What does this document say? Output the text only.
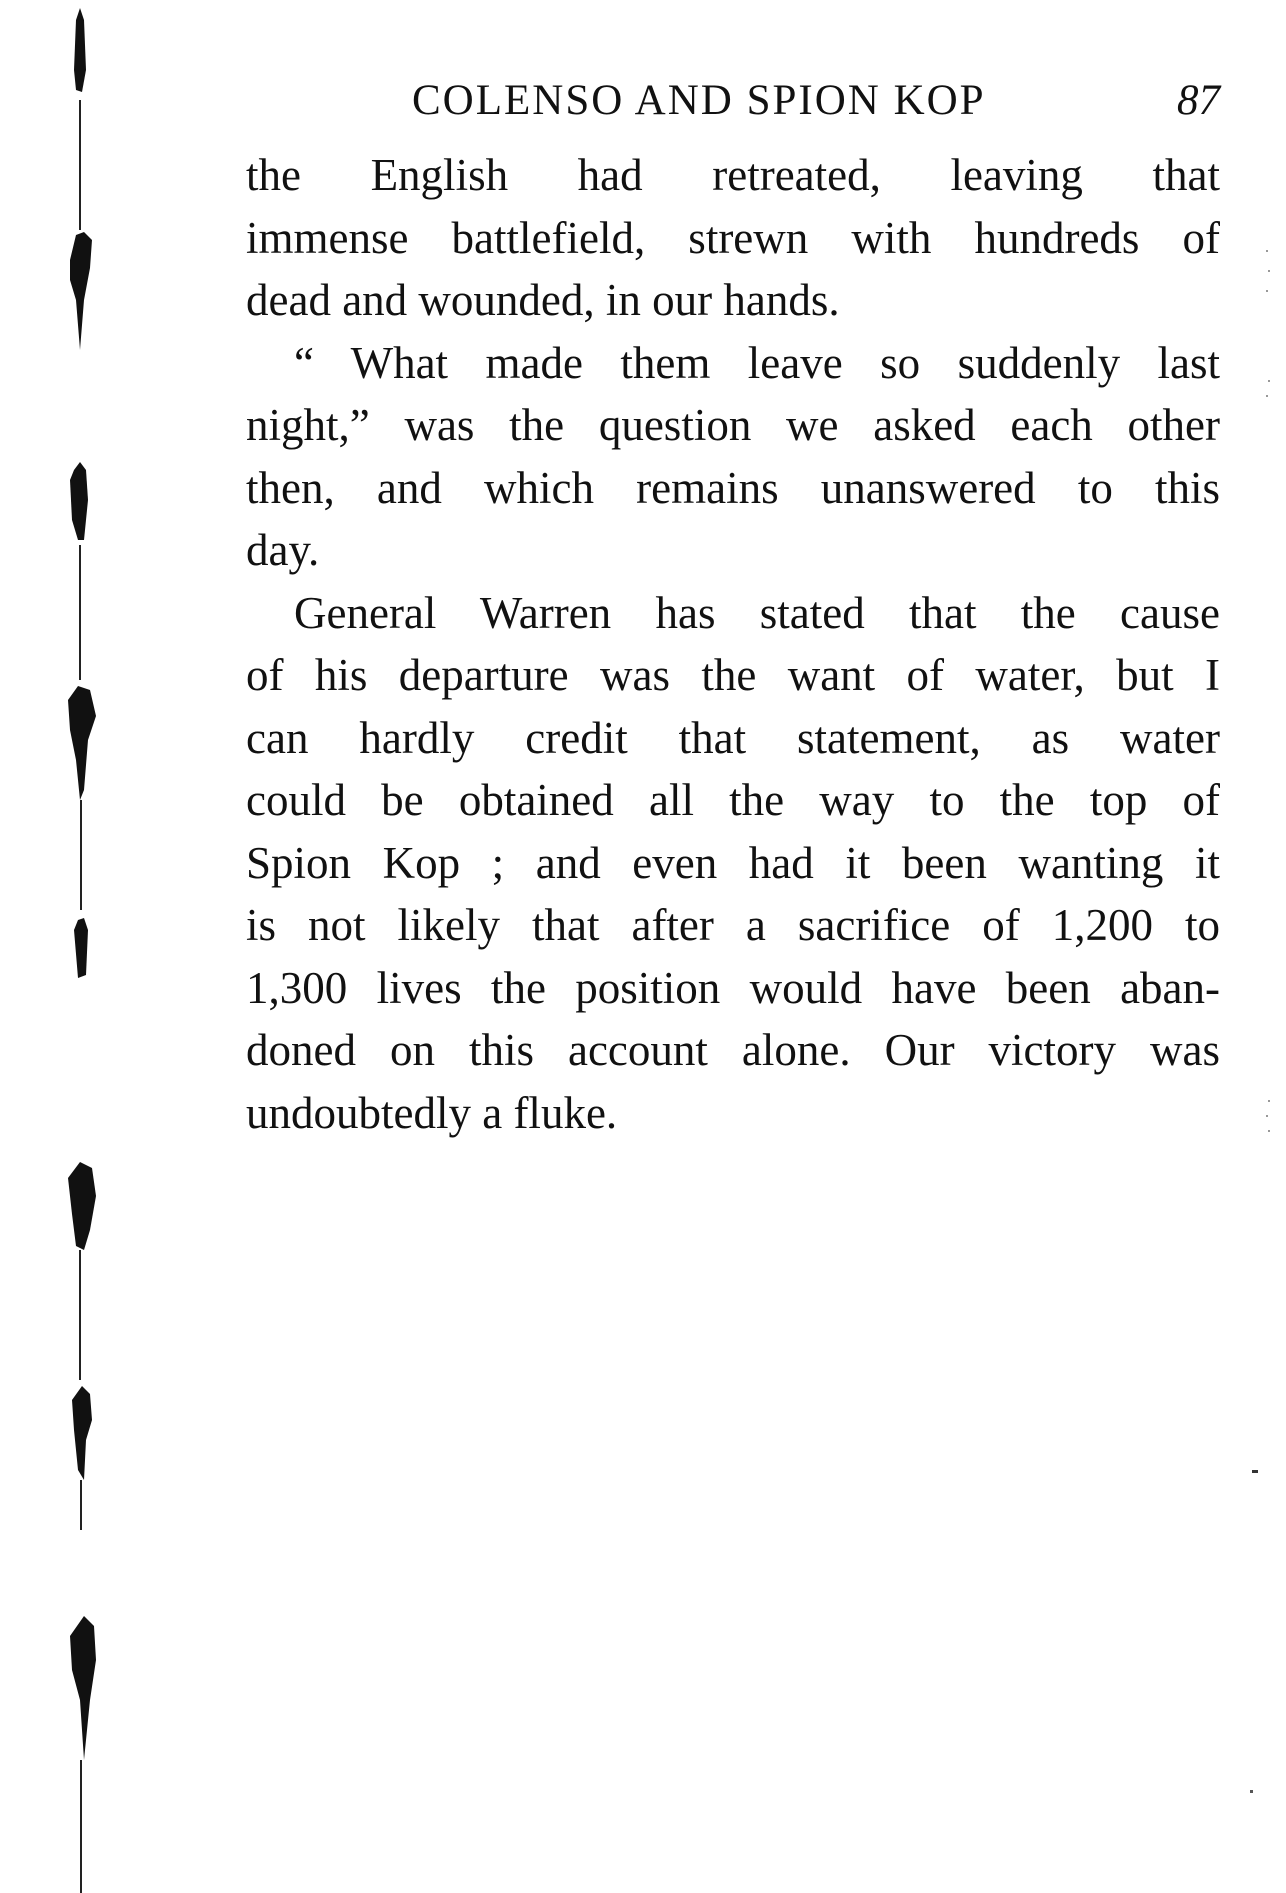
COLENSO AND SPION KOP	87
the English had retreated, leaving that
immense battlefield, strewn with hundreds of
dead and wounded, in our hands.
“ What made them leave so suddenly last
night,” was the question we asked each other
then, and which remains unanswered to this
day.
General Warren has stated that the cause
of his departure was the want of water, but I
can hardly credit that statement, as water
could be obtained all the way to the top of
Spion Kop ; and even had it been wanting it
is not likely that after a sacrifice of 1,200 to
1,300 lives the position would have been aban-
doned on this account alone. Our victory was
undoubtedly a fluke.
